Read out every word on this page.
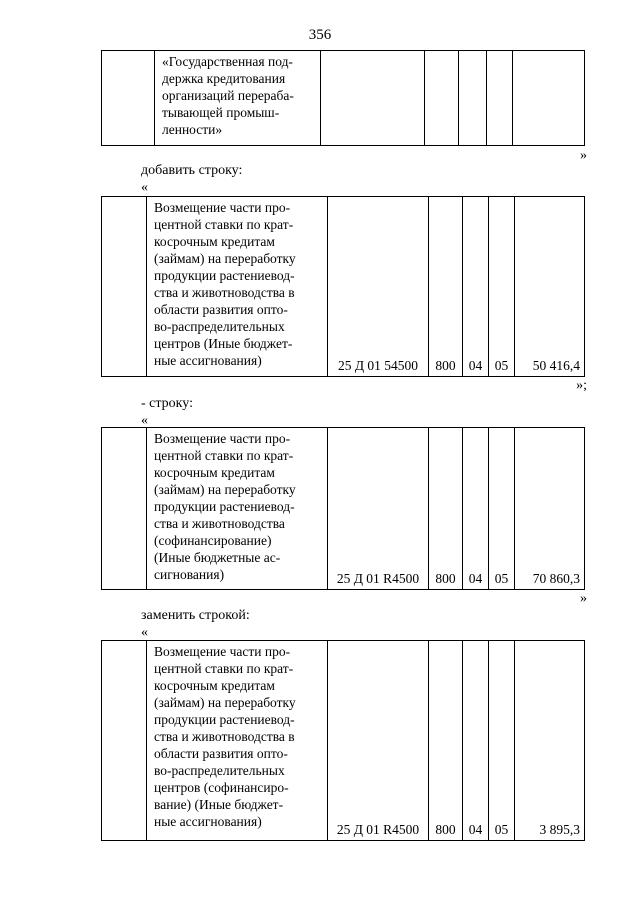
356
	«Государственная под-
держка кредитования
организаций перераба-
тывающей промыш-
ленности»					
»
добавить строку:
«
	Возмещение части про-
центной ставки по крат-
косрочным кредитам
(займам) на переработку
продукции растениевод-
ства и животноводства в
области развития опто-
во-распределительных
центров (Иные бюджет-
ные ассигнования)	25 Д 01 54500	800	04	05	50 416,4
»;
- строку:
«
	Возмещение части про-
центной ставки по крат-
косрочным кредитам
(займам) на переработку
продукции растениевод-
ства и животноводства
(софинансирование)
(Иные бюджетные ас-
сигнования)	25 Д 01 R4500	800	04	05	70 860,3
»
заменить строкой:
«
	Возмещение части про-
центной ставки по крат-
косрочным кредитам
(займам) на переработку
продукции растениевод-
ства и животноводства в
области развития опто-
во-распределительных
центров (софинансиро-
вание) (Иные бюджет-
ные ассигнования)	25 Д 01 R4500	800	04	05	3 895,3
